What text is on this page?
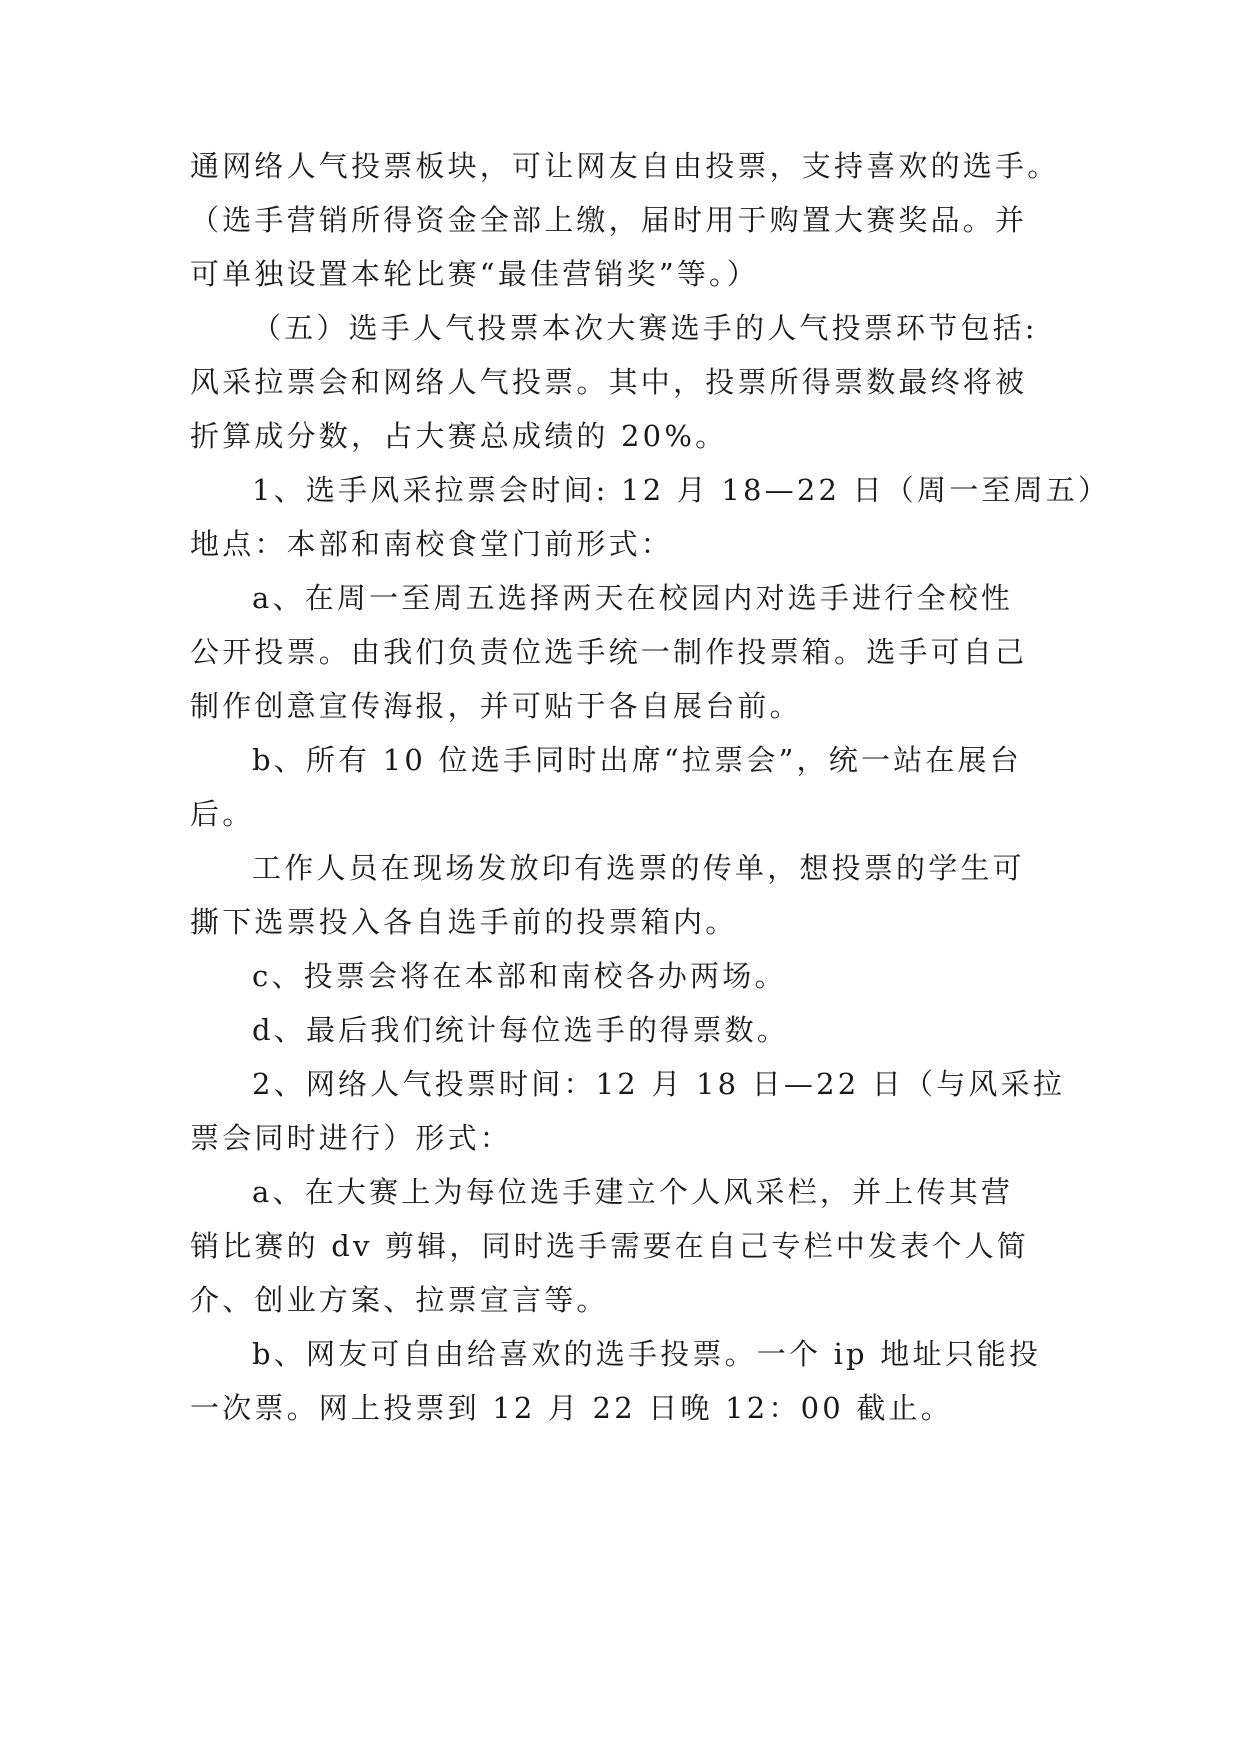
通网络人气投票板块，可让网友自由投票，支持喜欢的选手。
（选手营销所得资金全部上缴，届时用于购置大赛奖品。并
可单独设置本轮比赛“最佳营销奖”等。）
（五）选手人气投票本次大赛选手的人气投票环节包括:
风采拉票会和网络人气投票。其中，投票所得票数最终将被
折算成分数，占大赛总成绩的 20%。
1、选手风采拉票会时间: 12 月 18—22 日（周一至周五）
地点：本部和南校食堂门前形式：
a、在周一至周五选择两天在校园内对选手进行全校性
公开投票。由我们负责位选手统一制作投票箱。选手可自己
制作创意宣传海报，并可贴于各自展台前。
b、所有 10 位选手同时出席“拉票会”，统一站在展台
后。
工作人员在现场发放印有选票的传单，想投票的学生可
撕下选票投入各自选手前的投票箱内。
c、投票会将在本部和南校各办两场。
d、最后我们统计每位选手的得票数。
2、网络人气投票时间：12 月 18 日—22 日（与风采拉
票会同时进行）形式：
a、在大赛上为每位选手建立个人风采栏，并上传其营
销比赛的 dv 剪辑，同时选手需要在自己专栏中发表个人简
介、创业方案、拉票宣言等。
b、网友可自由给喜欢的选手投票。一个 ip 地址只能投
一次票。网上投票到 12 月 22 日晚 12：00 截止。
